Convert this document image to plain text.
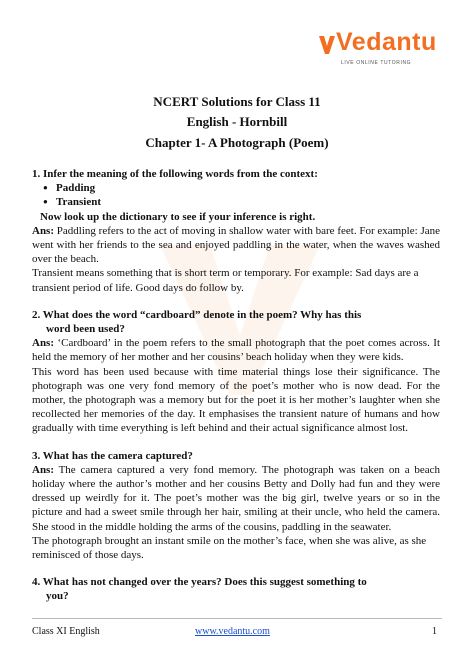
Vedantu
LIVE ONLINE TUTORING
NCERT Solutions for Class 11
English - Hornbill
Chapter 1- A Photograph (Poem)

1. Infer the meaning of the following words from the context:

● Padding
● Transient

Now look up the dictionary to see if your inference is right.

Ans: Paddling refers to the act of moving in shallow water with bare feet. For example: Jane went with her friends to the sea and enjoyed paddling in the water, when the waves washed over the beach.

Transient means something that is short term or temporary. For example: Sad days are a transient period of life. Good days do follow by.

2. What does the word “cardboard” denote in the poem? Why has this

word been used?

Ans: ‘Cardboard’ in the poem refers to the small photograph that the poet comes across. It held the memory of her mother and her cousins’ beach holiday when they were kids.

This word has been used because with time material things lose their significance. The photograph was one very fond memory of the poet’s mother who is now dead. For the mother, the photograph was a memory but for the poet it is her mother’s laughter when she recollected her memories of the day. It emphasises the transient nature of humans and how gradually with time everything is left behind and their actual significance almost lost.

3. What has the camera captured?

Ans: The camera captured a very fond memory. The photograph was taken on a beach holiday where the author’s mother and her cousins Betty and Dolly had fun and they were dressed up weirdly for it. The poet’s mother was the big girl, twelve years or so in the picture and had a sweet smile through her hair, smiling at their uncle, who held the camera. She stood in the middle holding the arms of the cousins, paddling in the seawater.

The photograph brought an instant smile on the mother’s face, when she was alive, as she reminisced of those days.

4. What has not changed over the years? Does this suggest something to

you?

Class XI English	www.vedantu.com	1
